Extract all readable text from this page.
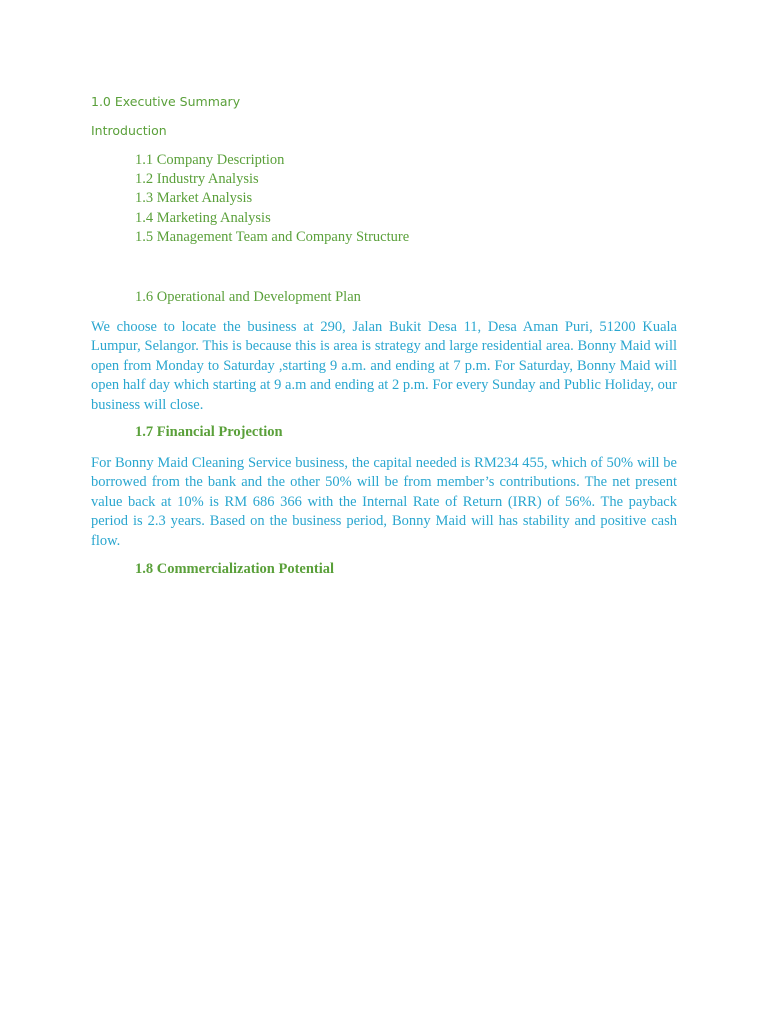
1.0 Executive Summary
Introduction
1.1 Company Description
1.2 Industry Analysis
1.3 Market Analysis
1.4 Marketing Analysis
1.5 Management Team and Company Structure
1.6 Operational and Development Plan
We choose to locate the business at 290, Jalan Bukit Desa 11, Desa Aman Puri, 51200 Kuala Lumpur, Selangor. This is because this is area is strategy and large residential area. Bonny Maid will open from Monday to Saturday ,starting 9 a.m. and ending at 7 p.m. For Saturday, Bonny Maid will open half day which starting at 9 a.m and ending at 2 p.m. For every Sunday and Public Holiday, our business will close.
1.7 Financial Projection
For Bonny Maid Cleaning Service business, the capital needed is RM234 455, which of 50% will be borrowed from the bank and the other 50% will be from member’s contributions. The net present value back at 10% is RM 686 366 with the Internal Rate of Return (IRR) of 56%. The payback period is 2.3 years. Based on the business period, Bonny Maid will has stability and positive cash flow.
1.8 Commercialization Potential
